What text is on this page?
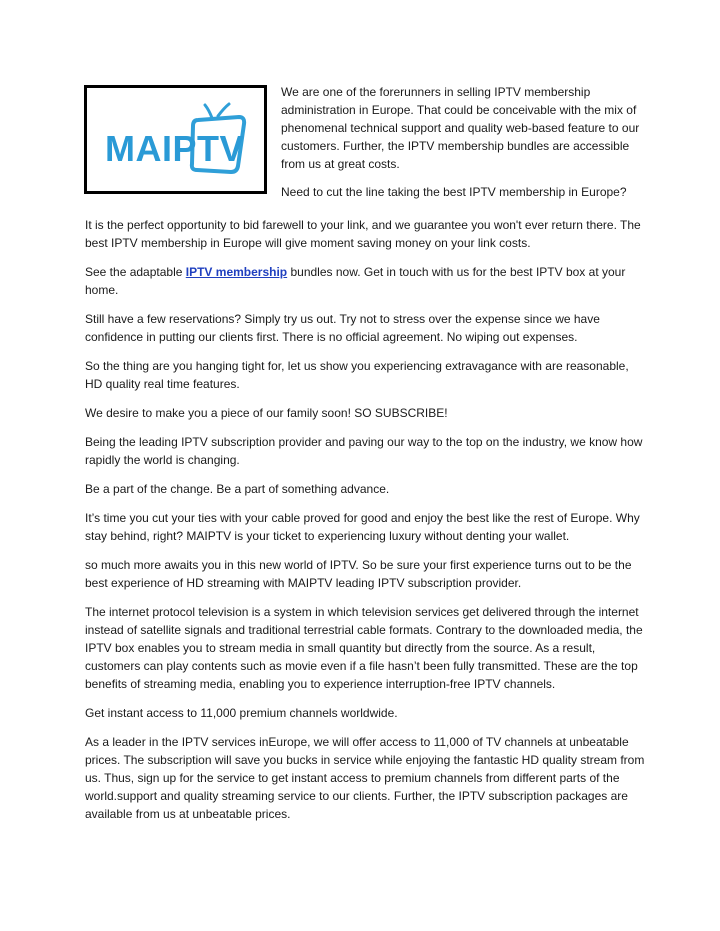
MAIPTV

We are one of the forerunners in selling IPTV membership administration in Europe. That could be conceivable with the mix of phenomenal technical support and quality web-based feature to our customers. Further, the IPTV membership bundles are accessible from us at great costs.

Need to cut the line taking the best IPTV membership in Europe?

It is the perfect opportunity to bid farewell to your link, and we guarantee you won't ever return there. The best IPTV membership in Europe will give moment saving money on your link costs.

See the adaptable IPTV membership bundles now. Get in touch with us for the best IPTV box at your home.

Still have a few reservations? Simply try us out. Try not to stress over the expense since we have confidence in putting our clients first. There is no official agreement. No wiping out expenses.

So the thing are you hanging tight for, let us show you experiencing extravagance with are reasonable, HD quality real time features.

We desire to make you a piece of our family soon! SO SUBSCRIBE!

Being the leading IPTV subscription provider and paving our way to the top on the industry, we know how rapidly the world is changing.

Be a part of the change. Be a part of something advance.

It’s time you cut your ties with your cable proved for good and enjoy the best like the rest of Europe. Why stay behind, right? MAIPTV is your ticket to experiencing luxury without denting your wallet.

so much more awaits you in this new world of IPTV. So be sure your first experience turns out to be the best experience of HD streaming with MAIPTV leading IPTV subscription provider.

The internet protocol television is a system in which television services get delivered through the internet instead of satellite signals and traditional terrestrial cable formats. Contrary to the downloaded media, the IPTV box enables you to stream media in small quantity but directly from the source. As a result, customers can play contents such as movie even if a file hasn’t been fully transmitted. These are the top benefits of streaming media, enabling you to experience interruption-free IPTV channels.

Get instant access to 11,000 premium channels worldwide.

As a leader in the IPTV services inEurope, we will offer access to 11,000 of TV channels at unbeatable prices. The subscription will save you bucks in service while enjoying the fantastic HD quality stream from us. Thus, sign up for the service to get instant access to premium channels from different parts of the world.support and quality streaming service to our clients. Further, the IPTV subscription packages are available from us at unbeatable prices.
